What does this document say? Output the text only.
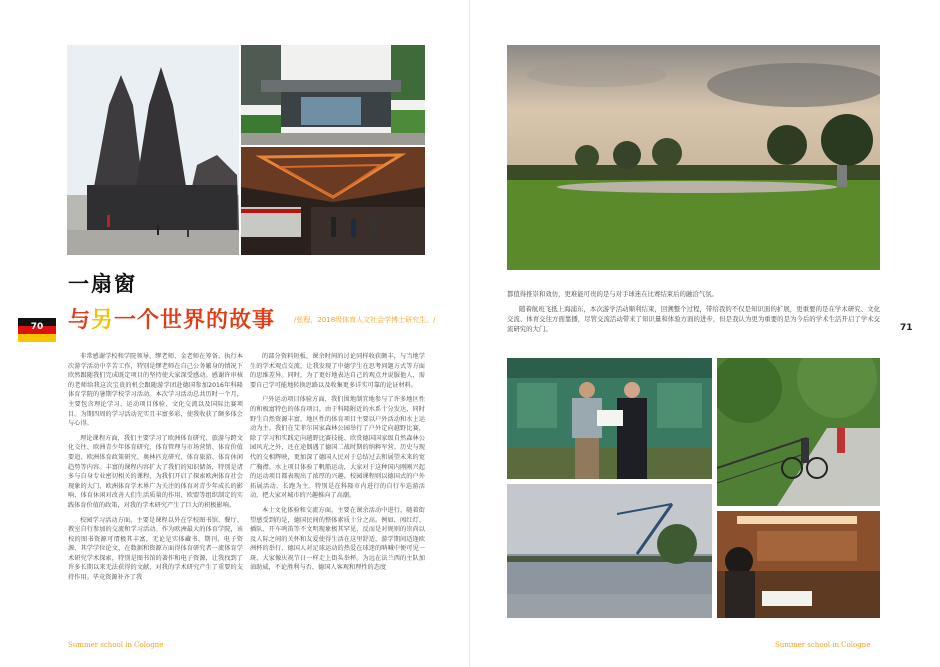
一扇窗
与另一个世界的故事	/张程，2018级体育人文社会学博士研究生。/
70

非常感谢学校和学院领导、缪老师、金老师在筹备、执行本次游学活动中辛苦工作，特别是缪老师在自己公务繁身的情况下欣然跟随我们完成既定项目的坚持使大家深受感动。感谢许审核的老师给我这次宝贵的机会跟随游学团赴德国参加2016年科隆体育学院的暑期学校学习活动。本次学习活动总共历时一个月，主要包含理论学习、运动项目体验、文化交流以及国际比赛项目。为期四周的学习活动充实且丰富多彩，使我收获了颇多体会与心得。

理论课程方面，我们主要学习了欧洲体育研究、旅游与跨文化交往、欧洲青少年体育研究、体育管理与市场营销、体育价值要追、欧洲体育政策研究、奥林匹克研究、体育旅游、体育休闲趋势等内容。丰富的课程内容扩大了我们的知识储备，特别是诸多与自身专业密切相关的课程，为我们开启了探索欧洲体育社会现象的大门，欧洲体育学术界广为关注的体育对青少年成长的影响、体育休闲对改善人们生活质量的作用、欧盟等组织制定的实践体育价值的政策，对我的学术研究产生了巨大的积极影响。

校园学习活动方面，主要是课程以外在学校图书馆、餐厅、教室自行参加的交流和学习活动。作为欧洲最大的体育学院，该校的图书资源可谓极其丰富，无论是实体藏书、期刊、电子资源，其学学位论文、在数据和资源方面得体育研究者一流体育学术研究学术探索，特别是图书馆的著作和电子资源，让我找到了许多长期以来无法获得的文献，对我的学术研究产生了重要的支持作用。毕竟资源补齐了我

的部分资料短板，课余时间的讨论同样收获颇丰，与当地学生的学术观点交流，让我发现了中德学生在思考问题方式等方面的思维差异。同时，为了更好地表达自己的观点并说服他人，需要自己学可能地转换思路以及收集更多详实可靠的论证材料。

户外运动项目体验方面，我们围地制宜地参与了许多地区性的和极富特色的体育项目。由于科隆附近的水系十分发达，同时野生自然资源丰富，地区性的体育项目主要以户外活动和水上运动为主。我们在艾菲尔国家森林公园举行了户外定向越野比赛，除了学习和实践定向越野比赛技能、欣赏德国国家级自然森林公园风光之外，还在途偶遇了德国二战时期的纳粹军营。历史与现代的交相辉映，更加深了德国人民对于总结过去和展望未来的宽广胸襟。水上项目体验了帆船运动，大家对于这种国内刚刚兴起的运动项目都表现出了浓厚的兴趣。校园课程则以德国式的户外拓展活动、长跑为主。特别是在科隆市内进行的自行车巡游活动，把大家对城市的兴趣推向了高潮。

本土文化体验和交流方面，主要在课余活动中进行，随着街望感受到的是，德国民间的整体素质十分之高。例如，闯红灯、插队、开车鸣笛等不文明现象极其罕见，反而是对规则的崇尚以及人际之间的关怀和友爱使得生活在这里舒适，游学期间适逢欧洲杯的举行，德国人对足球运动的热爱在球迷的呐喊中便可见一斑，大家像庆祝节日一样走上街头举杯。为远在法兰西的主队加油助威，不论胜利与否，德国人客观和理性的态度

Summer school in Cologne

都值得推崇和效仿，更难能可贵的是与对手球迷在比赛结束后的融洽气氛。

随着航班飞抵上海浦东，本次游学活动顺利结束，回溯整个过程，带给我的不仅是知识面的扩展，更重要的是在学术研究、文化交流、体育交往方面靠播，尽管交流活动带来了知识量和体验方面的进步，但是我认为更为重要的是为今后的学术生活开启了学术交流研究的大门。	71
Summer school in Cologne
